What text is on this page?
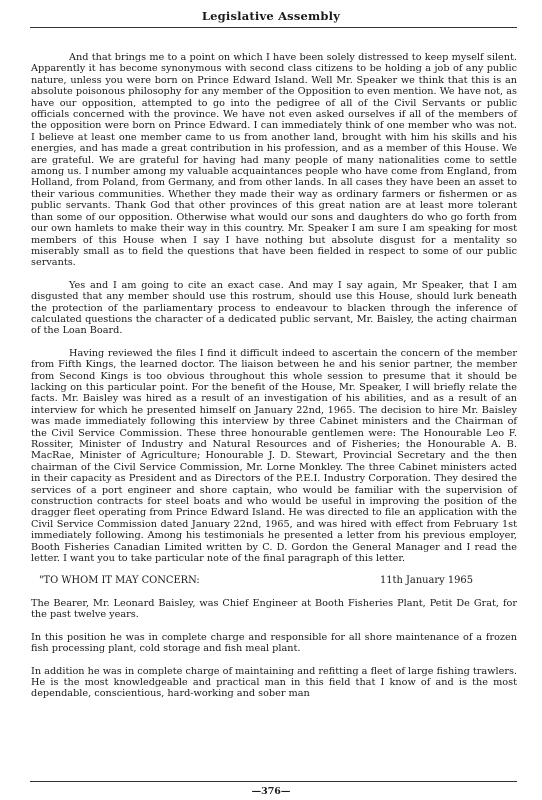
Legislative Assembly

And that brings me to a point on which I have been solely distressed to keep myself silent. Apparently it has become synonymous with second class citizens to be holding a job of any public nature, unless you were born on Prince Edward Island. Well Mr. Speaker we think that this is an absolute poisonous philosophy for any member of the Opposition to even mention. We have not, as have our opposition, attempted to go into the pedigree of all of the Civil Servants or public officials concerned with the province. We have not even asked ourselves if all of the members of the opposition were born on Prince Edward. I can immediately think of one member who was not. I believe at least one member came to us from another land, brought with him his skills and his energies, and has made a great contribution in his profession, and as a member of this House. We are grateful. We are grateful for having had many people of many nationalities come to settle among us. I number among my valuable acquaintances people who have come from England, from Holland, from Poland, from Germany, and from other lands. In all cases they have been an asset to their various communities. Whether they made their way as ordinary farmers or fishermen or as public servants. Thank God that other provinces of this great nation are at least more tolerant than some of our opposition. Otherwise what would our sons and daughters do who go forth from our own hamlets to make their way in this country. Mr. Speaker I am sure I am speaking for most members of this House when I say I have nothing but absolute disgust for a mentality so miserably small as to field the questions that have been fielded in respect to some of our public servants.

Yes and I am going to cite an exact case. And may I say again, Mr Speaker, that I am disgusted that any member should use this rostrum, should use this House, should lurk beneath the protection of the parliamentary process to endeavour to blacken through the inference of calculated questions the character of a dedicated public servant, Mr. Baisley, the acting chairman of the Loan Board.

Having reviewed the files I find it difficult indeed to ascertain the concern of the member from Fifth Kings, the learned doctor. The liaison between he and his senior partner, the member from Second Kings is too obvious throughout this whole session to presume that it should be lacking on this particular point. For the benefit of the House, Mr. Speaker, I will briefly relate the facts. Mr. Baisley was hired as a result of an investigation of his abilities, and as a result of an interview for which he presented himself on January 22nd, 1965. The decision to hire Mr. Baisley was made immediately following this interview by three Cabinet ministers and the Chairman of the Civil Service Commission. These three honourable gentlemen were: The Honourable Leo F. Rossiter, Minister of Industry and Natural Resources and of Fisheries; the Honourable A. B. MacRae, Minister of Agriculture; Honourable J. D. Stewart, Provincial Secretary and the then chairman of the Civil Service Commission, Mr. Lorne Monkley. The three Cabinet ministers acted in their capacity as President and as Directors of the P.E.I. Industry Corporation. They desired the services of a port engineer and shore captain, who would be familiar with the supervision of construction contracts for steel boats and who would be useful in improving the position of the dragger fleet operating from Prince Edward Island. He was directed to file an application with the Civil Service Commission dated January 22nd, 1965, and was hired with effect from February 1st immediately following. Among his testimonials he presented a letter from his previous employer, Booth Fisheries Canadian Limited written by C. D. Gordon the General Manager and I read the letter. I want you to take particular note of the final paragraph of this letter.

"TO WHOM IT MAY CONCERN:	11th January 1965

The Bearer, Mr. Leonard Baisley, was Chief Engineer at Booth Fisheries Plant, Petit De Grat, for the past twelve years.

In this position he was in complete charge and responsible for all shore maintenance of a frozen fish processing plant, cold storage and fish meal plant.

In addition he was in complete charge of maintaining and refitting a fleet of large fishing trawlers. He is the most knowledgeable and practical man in this field that I know of and is the most dependable, conscientious, hard-working and sober man

—376—
